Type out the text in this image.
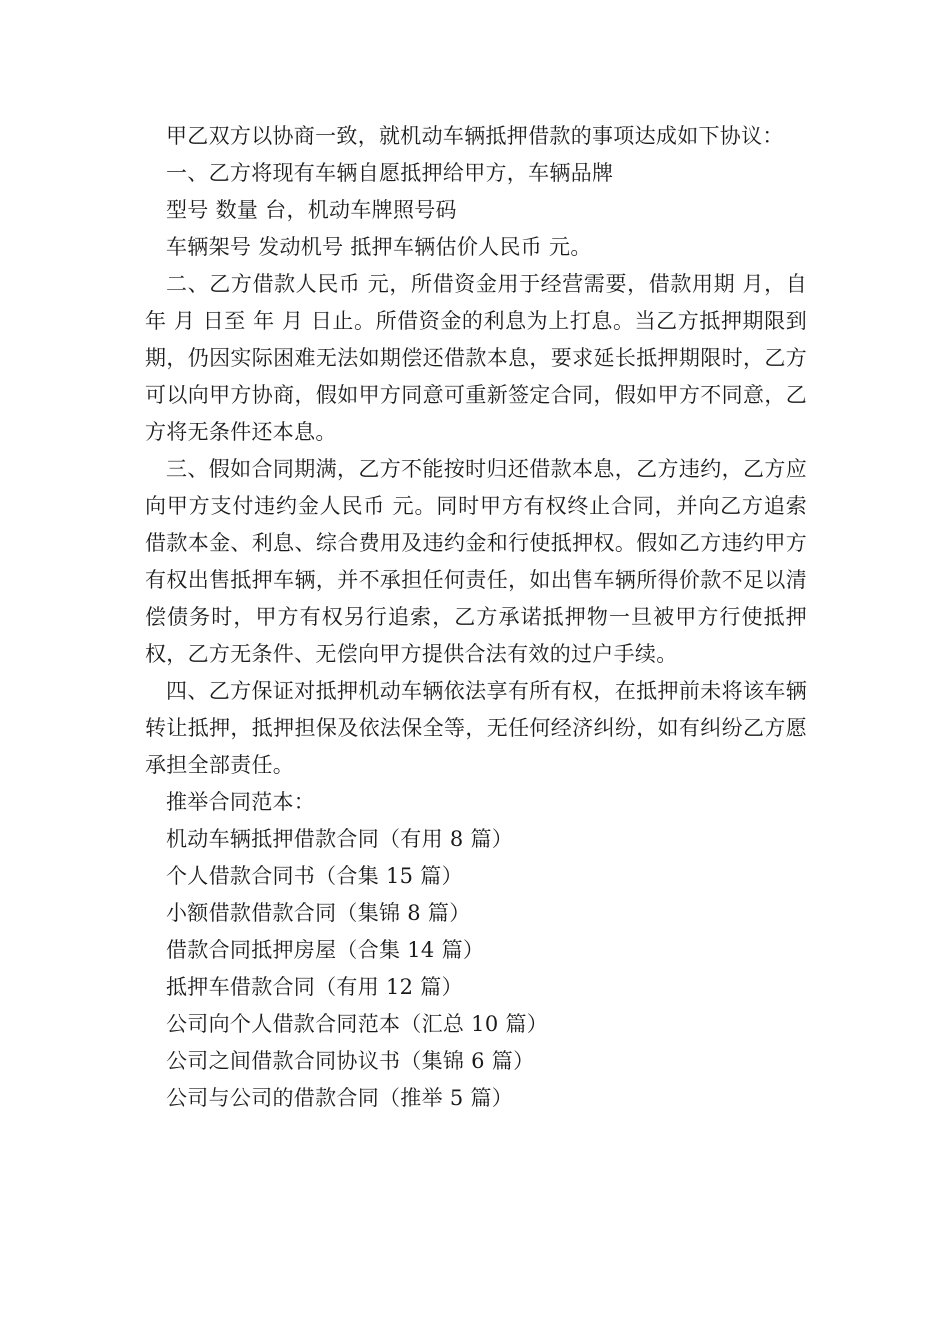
甲乙双方以协商一致，就机动车辆抵押借款的事项达成如下协议：

一、乙方将现有车辆自愿抵押给甲方，车辆品牌

型号 数量 台，机动车牌照号码

车辆架号 发动机号 抵押车辆估价人民币 元。

二、乙方借款人民币 元，所借资金用于经营需要，借款用期 月，自 年 月 日至 年 月 日止。所借资金的利息为上打息。当乙方抵押期限到期，仍因实际困难无法如期偿还借款本息，要求延长抵押期限时，乙方可以向甲方协商，假如甲方同意可重新签定合同，假如甲方不同意，乙方将无条件还本息。

三、假如合同期满，乙方不能按时归还借款本息，乙方违约，乙方应向甲方支付违约金人民币 元。同时甲方有权终止合同，并向乙方追索借款本金、利息、综合费用及违约金和行使抵押权。假如乙方违约甲方有权出售抵押车辆，并不承担任何责任，如出售车辆所得价款不足以清偿债务时，甲方有权另行追索，乙方承诺抵押物一旦被甲方行使抵押权，乙方无条件、无偿向甲方提供合法有效的过户手续。

四、乙方保证对抵押机动车辆依法享有所有权，在抵押前未将该车辆转让抵押，抵押担保及依法保全等，无任何经济纠纷，如有纠纷乙方愿承担全部责任。

推举合同范本：

机动车辆抵押借款合同（有用 8 篇）

个人借款合同书（合集 15 篇）

小额借款借款合同（集锦 8 篇）

借款合同抵押房屋（合集 14 篇）

抵押车借款合同（有用 12 篇）

公司向个人借款合同范本（汇总 10 篇）

公司之间借款合同协议书（集锦 6 篇）

公司与公司的借款合同（推举 5 篇）
